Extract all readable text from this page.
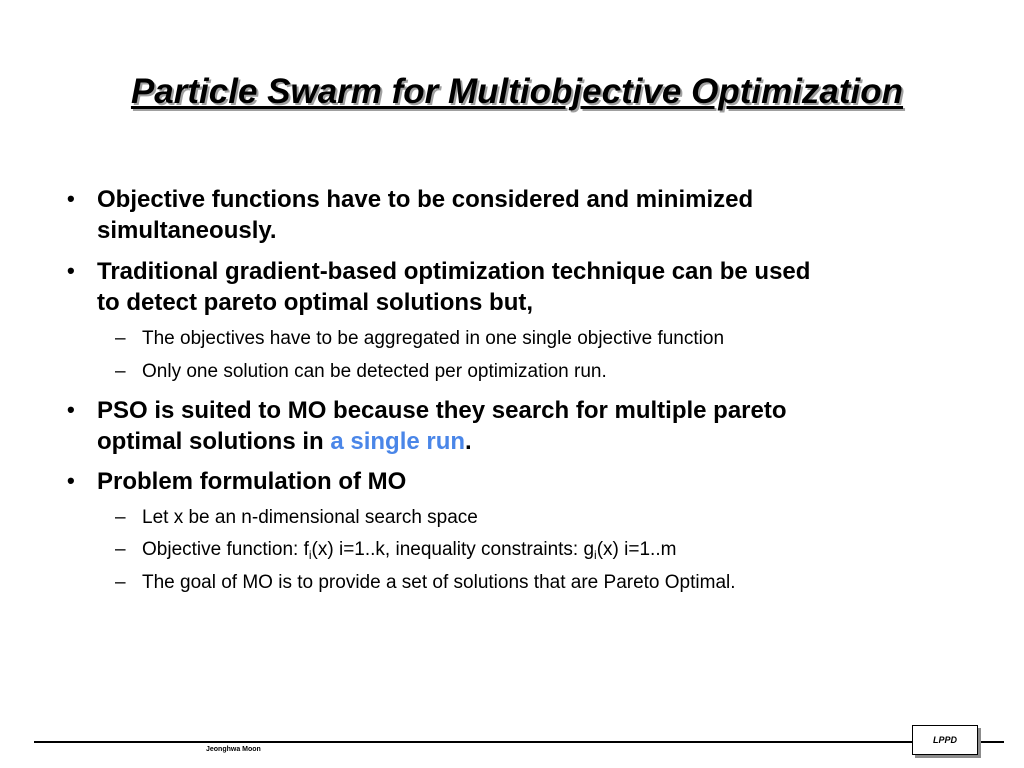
Particle Swarm for Multiobjective Optimization
• Objective functions have to be considered and minimized

simultaneously.

• Traditional gradient-based optimization technique can be used

to detect pareto optimal solutions but,

– The objectives have to be aggregated in one single objective function

– Only one solution can be detected per optimization run.

• PSO is suited to MO because they search for multiple pareto

optimal solutions in a single run.

• Problem formulation of MO

– Let x be an n-dimensional search space

– Objective function: $f_i(x)$ i=1..k, inequality constraints: $g_i(x)$ i=1..m

– The goal of MO is to provide a set of solutions that are Pareto Optimal.

Jeonghwa Moon
LPPD
